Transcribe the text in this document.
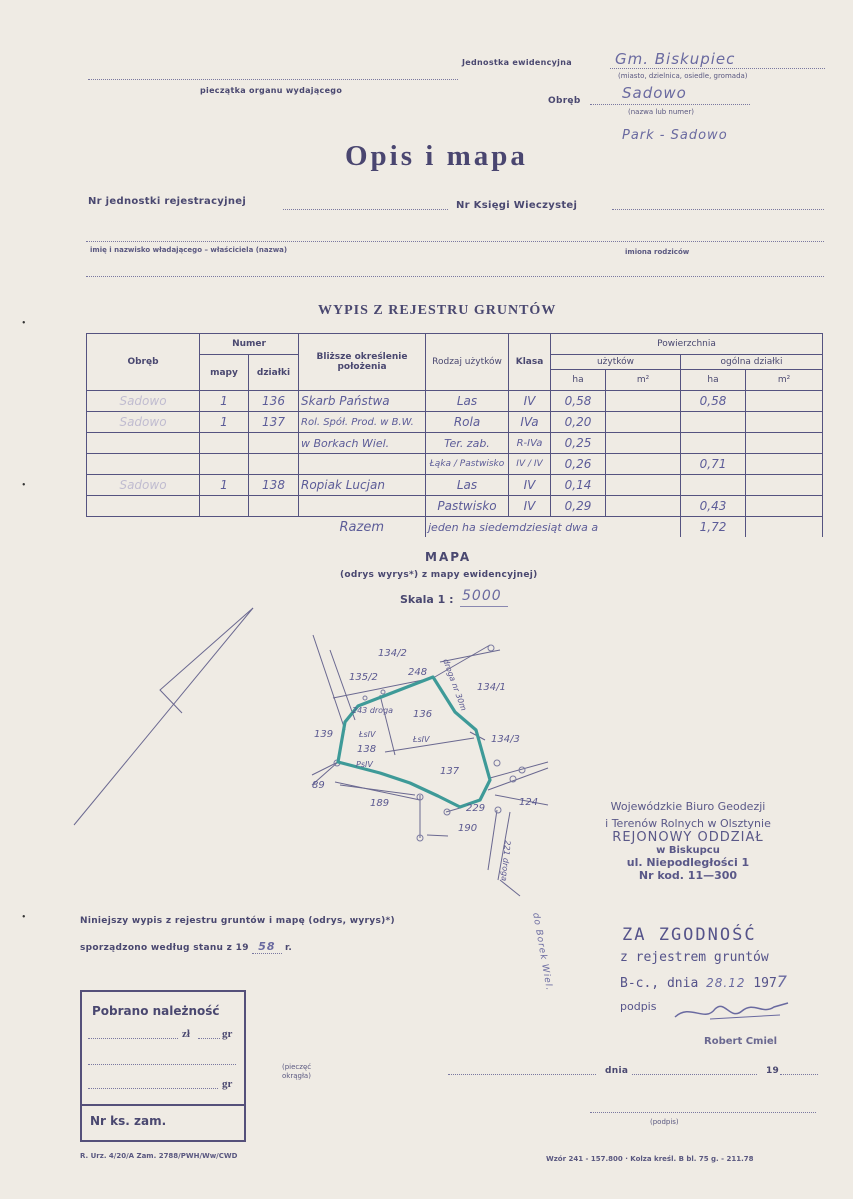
Jednostka ewidencyjna	Gm. Biskupiec
(miasto, dzielnica, osiedle, gromada)
pieczątka organu wydającego
Obręb	Sadowo
(nazwa lub numer)
Park - Sadowo
Opis i mapa
Nr jednostki rejestracyjnej	Nr Księgi Wieczystej
imię i nazwisko władającego – właściciela (nazwa)	imiona rodziców
•
•
•
WYPIS Z REJESTRU GRUNTÓW
Obręb	Numer		Bliższe określenie położenia	Rodzaj użytków	Klasa	Powierzchnia			
	mapy	działki				użytków		ogólna działki	
						ha	m²	ha	m²
Sadowo	1	136	Skarb Państwa	Las	IV	0,58		0,58	
Sadowo	1	137	Rol. Spół. Prod. w B.W.	Rola	IVa	0,20			
			w Borkach Wiel.	Ter. zab.	R-IVa	0,25			
				Łąka / Pastwisko	IV / IV	0,26		0,71	
Sadowo	1	138	Ropiak Lucjan	Las	IV	0,14			
				Pastwisko	IV	0,29		0,43	
			Razem	jeden ha siedemdziesiąt dwa a				1,72	
MAPA
(odrys wyrys*) z mapy ewidencyjnej)
Skala 1 : 5000
134/2
135/2	248
243 droga	droga nr 30m 134/1
136
139	ŁsIV
ŁsIV
138
PsIV
134/3
137
89
189	229
124
190
221 droga
do Borek Wiel.
Wojewódzkie Biuro Geodezji
i Terenów Rolnych w Olsztynie
REJONOWY ODDZIAŁ
w Biskupcu
ul. Niepodległości 1
Nr kod. 11—300
Niniejszy wypis z rejestru gruntów i mapę (odrys, wyrys)*)
sporządzono według stanu z 19 58 r.
ZA ZGODNOŚĆ
z rejestrem gruntów
B-c., dnia 28.12 1977
podpis
Robert Cmiel
Pobrano należność
zł	gr
gr
Nr ks. zam.
(pieczęć okrągła)	dnia	19
(podpis)
R. Urz. 4/20/A Zam. 2788/PWH/Ww/CWD	Wzór 241 - 157.800 · Kolza kreśl. B bl. 75 g. - 211.78
